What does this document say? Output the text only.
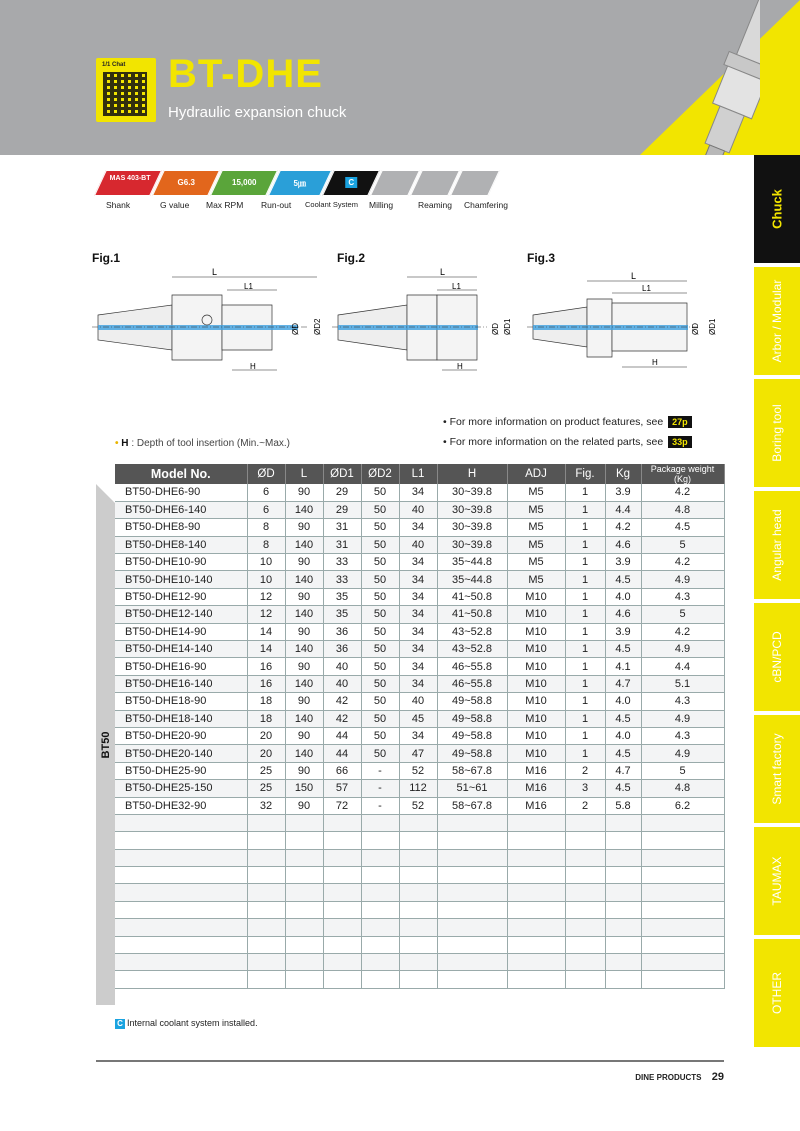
1/1 Chat BT-DHE
Hydraulic expansion chuck
Chuck
Arbor / Modular
Boring tool
Angular head
cBN/PCD
Smart factory
TAUMAX
OTHER
MAS 403-BT	G6.3	15,000	5㎛	C
Shank	G value Max RPM Run-out Coolant System Milling	Reaming Chamfering
Fig.1	Fig.2	Fig.3
L
L1
ØD ØD2
H
L
L1
ØD ØD1
H
L
L1
ØD ØD1
H
• For more information on product features, see 27p
• For more information on the related parts, see 33p
• H : Depth of tool insertion (Min.~Max.)
BT50
Model No.	ØD	L	ØD1	ØD2	L1	H	ADJ	Fig.	Kg	Package weight (Kg)
BT50-DHE6-90	6	90	29	50	34	30~39.8	M5	1	3.9	4.2
BT50-DHE6-140	6	140	29	50	40	30~39.8	M5	1	4.4	4.8
BT50-DHE8-90	8	90	31	50	34	30~39.8	M5	1	4.2	4.5
BT50-DHE8-140	8	140	31	50	40	30~39.8	M5	1	4.6	5
BT50-DHE10-90	10	90	33	50	34	35~44.8	M5	1	3.9	4.2
BT50-DHE10-140	10	140	33	50	34	35~44.8	M5	1	4.5	4.9
BT50-DHE12-90	12	90	35	50	34	41~50.8	M10	1	4.0	4.3
BT50-DHE12-140	12	140	35	50	34	41~50.8	M10	1	4.6	5
BT50-DHE14-90	14	90	36	50	34	43~52.8	M10	1	3.9	4.2
BT50-DHE14-140	14	140	36	50	34	43~52.8	M10	1	4.5	4.9
BT50-DHE16-90	16	90	40	50	34	46~55.8	M10	1	4.1	4.4
BT50-DHE16-140	16	140	40	50	34	46~55.8	M10	1	4.7	5.1
BT50-DHE18-90	18	90	42	50	40	49~58.8	M10	1	4.0	4.3
BT50-DHE18-140	18	140	42	50	45	49~58.8	M10	1	4.5	4.9
BT50-DHE20-90	20	90	44	50	34	49~58.8	M10	1	4.0	4.3
BT50-DHE20-140	20	140	44	50	47	49~58.8	M10	1	4.5	4.9
BT50-DHE25-90	25	90	66	-	52	58~67.8	M16	2	4.7	5
BT50-DHE25-150	25	150	57	-	112	51~61	M16	3	4.5	4.8
BT50-DHE32-90	32	90	72	-	52	58~67.8	M16	2	5.8	6.2

C Internal coolant system installed.
DINE PRODUCTS 29
